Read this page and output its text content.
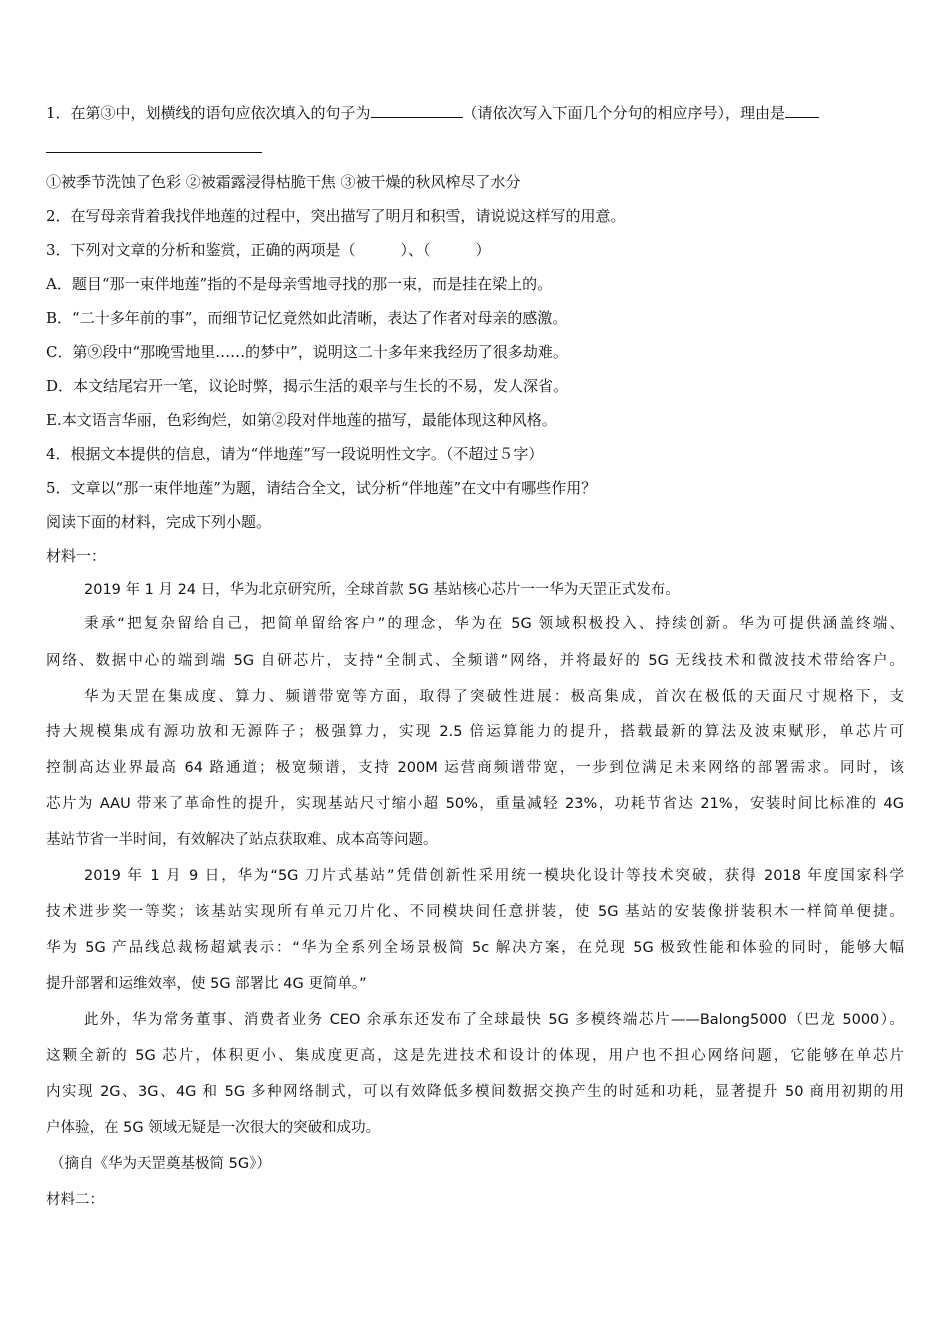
1．在第③中，划横线的语句应依次填入的句子为	（请依次写入下面几个分句的相应序号），理由是
①被季节洗蚀了色彩 ②被霜露浸得枯脆干焦 ③被干燥的秋风榨尽了水分
2．在写母亲背着我找伴地莲的过程中，突出描写了明月和积雪，请说说这样写的用意。
3．下列对文章的分析和鉴赏，正确的两项是（　　　）、（　　　）
A．题目“那一束伴地莲”指的不是母亲雪地寻找的那一束，而是挂在梁上的。
B．“二十多年前的事”，而细节记忆竟然如此清晰，表达了作者对母亲的感激。
C．第⑨段中“那晚雪地里……的梦中”，说明这二十多年来我经历了很多劫难。
D．本文结尾宕开一笔，议论时弊，揭示生活的艰辛与生长的不易，发人深省。
E.本文语言华丽，色彩绚烂，如第②段对伴地莲的描写，最能体现这种风格。
4．根据文本提供的信息，请为“伴地莲”写一段说明性文字。（不超过５字）
5．文章以“那一束伴地莲”为题，请结合全文，试分析“伴地莲”在文中有哪些作用？
阅读下面的材料，完成下列小题。
材料一：
2019 年 1 月 24 日，华为北京研究所，全球首款 5G 基站核心芯片一一华为天罡正式发布。
秉承“把复杂留给自己，把简单留给客户”的理念，华为在 5G 领域积极投入、持续创新。华为可提供涵盖终端、
网络、数据中心的端到端 5G 自研芯片，支持“全制式、全频谱”网络，并将最好的 5G 无线技术和微波技术带给客户。
华为天罡在集成度、算力、频谱带宽等方面，取得了突破性进展：极高集成，首次在极低的天面尺寸规格下，支
持大规模集成有源功放和无源阵子；极强算力，实现 2.5 倍运算能力的提升，搭载最新的算法及波束赋形，单芯片可
控制高达业界最高 64 路通道；极宽频谱，支持 200M 运营商频谱带宽，一步到位满足未来网络的部署需求。同时，该
芯片为 AAU 带来了革命性的提升，实现基站尺寸缩小超 50%，重量减轻 23%，功耗节省达 21%，安装时间比标准的 4G
基站节省一半时间，有效解决了站点获取难、成本高等问题。
2019 年 1 月 9 日，华为“5G 刀片式基站”凭借创新性采用统一模块化设计等技术突破，获得 2018 年度国家科学
技术进步奖一等奖；该基站实现所有单元刀片化、不同模块间任意拼装，使 5G 基站的安装像拼装积木一样简单便捷。
华为 5G 产品线总裁杨超斌表示：“华为全系列全场景极简 5c 解决方案，在兑现 5G 极致性能和体验的同时，能够大幅
提升部署和运维效率，使 5G 部署比 4G 更简单。”
此外，华为常务董事、消费者业务 CEO 余承东还发布了全球最快 5G 多模终端芯片——Balong5000（巴龙 5000）。
这颗全新的 5G 芯片，体积更小、集成度更高，这是先进技术和设计的体现，用户也不担心网络问题，它能够在单芯片
内实现 2G、3G、4G 和 5G 多种网络制式，可以有效降低多模间数据交换产生的时延和功耗，显著提升 50 商用初期的用
户体验，在 5G 领域无疑是一次很大的突破和成功。
（摘自《华为天罡奠基极简 5G》）
材料二：
